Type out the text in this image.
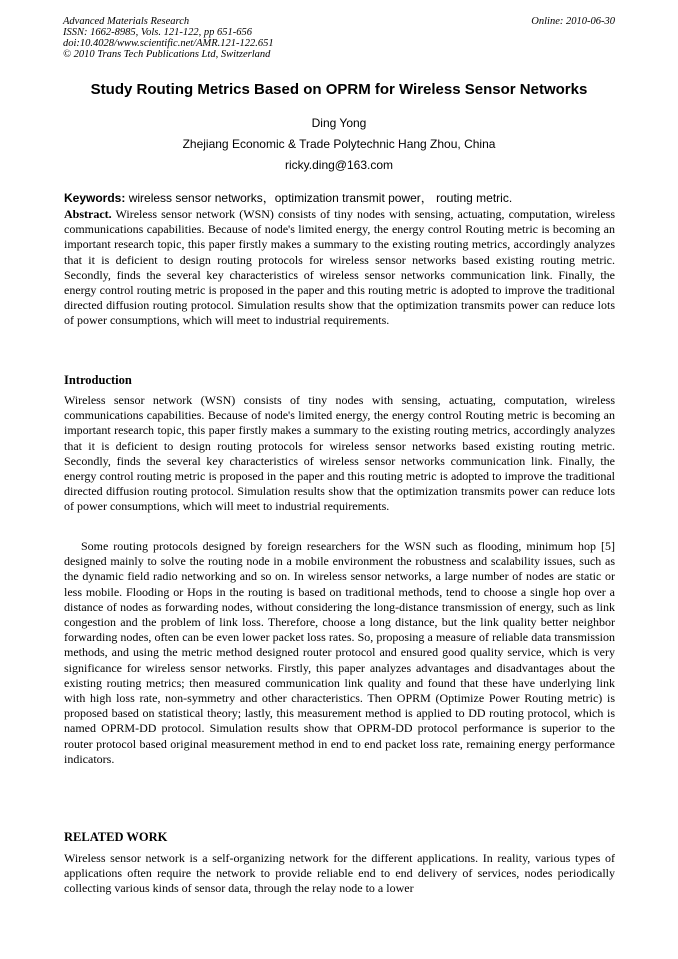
Advanced Materials Research
ISSN: 1662-8985, Vols. 121-122, pp 651-656
doi:10.4028/www.scientific.net/AMR.121-122.651
© 2010 Trans Tech Publications Ltd, Switzerland
Online: 2010-06-30
Study Routing Metrics Based on OPRM for Wireless Sensor Networks
Ding Yong
Zhejiang Economic & Trade Polytechnic Hang Zhou, China
ricky.ding@163.com
Keywords: wireless sensor networks，optimization transmit power， routing metric.
Abstract. Wireless sensor network (WSN) consists of tiny nodes with sensing, actuating, computation, wireless communications capabilities. Because of node's limited energy, the energy control Routing metric is becoming an important research topic, this paper firstly makes a summary to the existing routing metrics, accordingly analyzes that it is deficient to design routing protocols for wireless sensor networks based existing routing metric. Secondly, finds the several key characteristics of wireless sensor networks communication link. Finally, the energy control routing metric is proposed in the paper and this routing metric is adopted to improve the traditional directed diffusion routing protocol. Simulation results show that the optimization transmits power can reduce lots of power consumptions, which will meet to industrial requirements.
Introduction
Wireless sensor network (WSN) consists of tiny nodes with sensing, actuating, computation, wireless communications capabilities. Because of node's limited energy, the energy control Routing metric is becoming an important research topic, this paper firstly makes a summary to the existing routing metrics, accordingly analyzes that it is deficient to design routing protocols for wireless sensor networks based existing routing metric. Secondly, finds the several key characteristics of wireless sensor networks communication link. Finally, the energy control routing metric is proposed in the paper and this routing metric is adopted to improve the traditional directed diffusion routing protocol. Simulation results show that the optimization transmits power can reduce lots of power consumptions, which will meet to industrial requirements.
Some routing protocols designed by foreign researchers for the WSN such as flooding, minimum hop [5] designed mainly to solve the routing node in a mobile environment the robustness and scalability issues, such as the dynamic field radio networking and so on. In wireless sensor networks, a large number of nodes are static or less mobile. Flooding or Hops in the routing is based on traditional methods, tend to choose a single hop over a distance of nodes as forwarding nodes, without considering the long-distance transmission of energy, such as link congestion and the problem of link loss. Therefore, choose a long distance, but the link quality better neighbor forwarding nodes, often can be even lower packet loss rates. So, proposing a measure of reliable data transmission methods, and using the metric method designed router protocol and ensured good quality service, which is very significance for wireless sensor networks. Firstly, this paper analyzes advantages and disadvantages about the existing routing metrics; then measured communication link quality and found that these have underlying link with high loss rate, non-symmetry and other characteristics. Then OPRM (Optimize Power Routing metric) is proposed based on statistical theory; lastly, this measurement method is applied to DD routing protocol, which is named OPRM-DD protocol. Simulation results show that OPRM-DD protocol performance is superior to the router protocol based original measurement method in end to end packet loss rate, remaining energy performance indicators.
RELATED WORK
Wireless sensor network is a self-organizing network for the different applications. In reality, various types of applications often require the network to provide reliable end to end delivery of services, nodes periodically collecting various kinds of sensor data, through the relay node to a lower
